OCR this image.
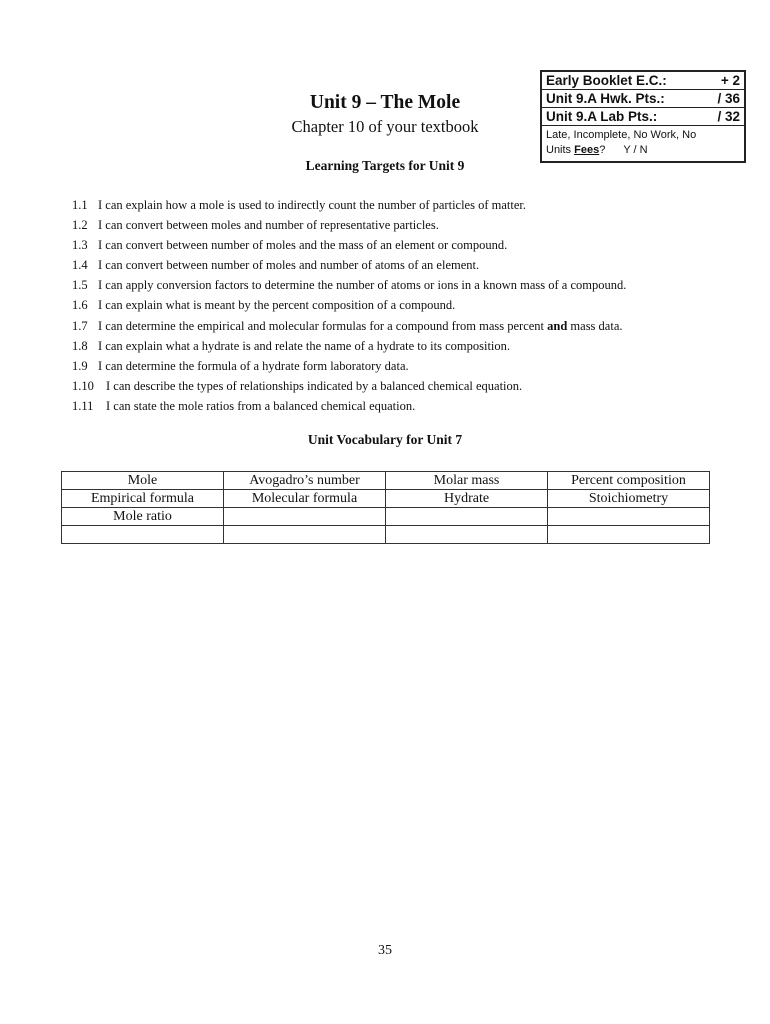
Early Booklet E.C.:	+ 2
Unit 9.A Hwk. Pts.:	/ 36
Unit 9.A Lab Pts.:	/ 32
Late, Incomplete, No Work, No
Units Fees? Y / N
Unit 9 – The Mole
Chapter 10 of your textbook
Learning Targets for Unit 9
1.1 I can explain how a mole is used to indirectly count the number of particles of matter.
1.2 I can convert between moles and number of representative particles.
1.3 I can convert between number of moles and the mass of an element or compound.
1.4 I can convert between number of moles and number of atoms of an element.
1.5 I can apply conversion factors to determine the number of atoms or ions in a known mass of a compound.
1.6 I can explain what is meant by the percent composition of a compound.
1.7 I can determine the empirical and molecular formulas for a compound from mass percent and mass data.
1.8 I can explain what a hydrate is and relate the name of a hydrate to its composition.
1.9 I can determine the formula of a hydrate form laboratory data.
1.10 I can describe the types of relationships indicated by a balanced chemical equation.
1.11 I can state the mole ratios from a balanced chemical equation.
Unit Vocabulary for Unit 7
Mole	Avogadro’s number	Molar mass	Percent composition
Empirical formula	Molecular formula	Hydrate	Stoichiometry
Mole ratio			

35
